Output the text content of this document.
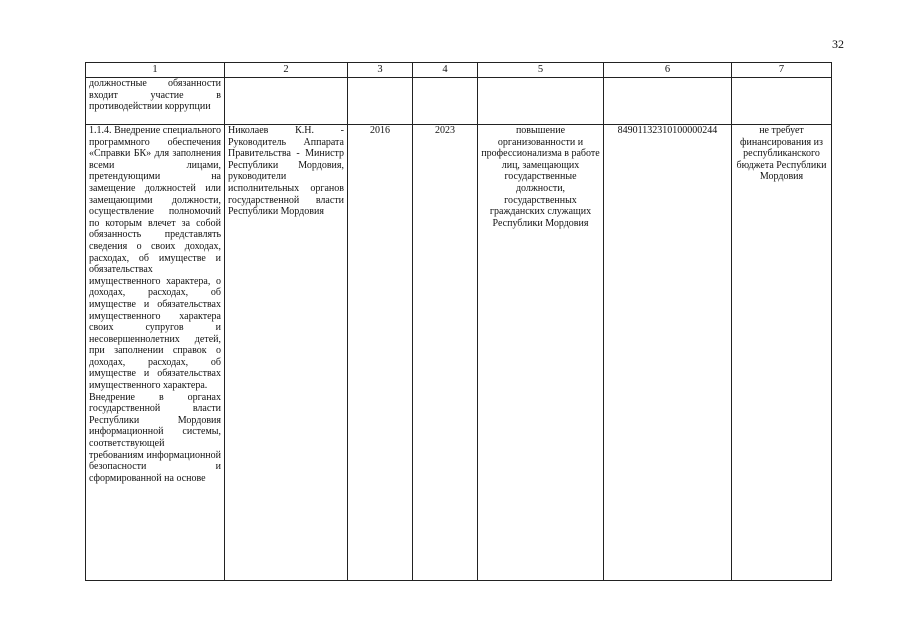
32
1	2	3	4	5	6	7
должностные обязанности входит участие в противодействии коррупции						

1.1.4. Внедрение специального программного обеспечения «Справки БК» для заполнения всеми лицами, претендующими на замещение должностей или замещающими должности, осуществление полномочий по которым влечет за собой обязанность представлять сведения о своих доходах, расходах, об имуществе и обязательствах имущественного характера, о доходах, расходах, об имуществе и обязательствах имущественного характера своих супругов и несовершеннолетних детей, при заполнении справок о доходах, расходах, об имуществе и обязательствах имущественного характера.
Внедрение в органах государственной власти Республики Мордовия информационной системы, соответствующей требованиям информационной безопасности и сформированной на основе	Николаев К.Н. - Руководитель Аппарата Правительства - Министр Республики Мордовия, руководители исполнительных органов государственной власти Республики Мордовия	2016	2023	повышение организованности и профессионализма в работе лиц, замещающих государственные должности, государственных гражданских служащих Республики Мордовия	84901132310100000244	не требует финансирования из республиканского бюджета Республики Мордовия
